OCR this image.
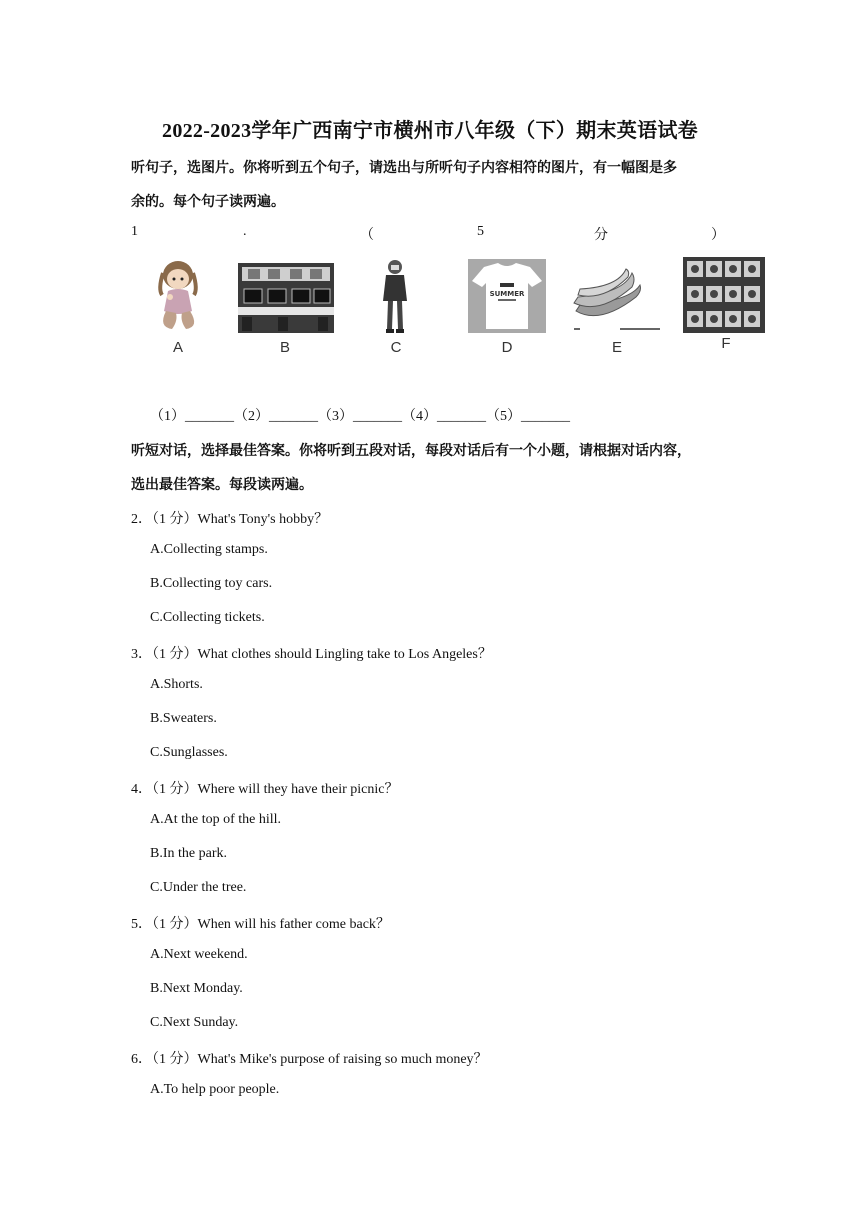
2022-2023学年广西南宁市横州市八年级（下）期末英语试卷
听句子，选图片。你将听到五个句子，请选出与所听句子内容相符的图片，有一幅图是多
余的。每个句子读两遍。
1	.	（	5	分	）
A	B	C
SUMMER
D	E	F
（1）_______（2）_______（3）_______（4）_______（5）_______
听短对话，选择最佳答案。你将听到五段对话，每段对话后有一个小题，请根据对话内容，
选出最佳答案。每段读两遍。
2．（1 分）What's Tony's hobby？
A.Collecting stamps.
B.Collecting toy cars.
C.Collecting tickets.
3．（1 分）What clothes should Lingling take to Los Angeles？
A.Shorts.
B.Sweaters.
C.Sunglasses.
4．（1 分）Where will they have their picnic？
A.At the top of the hill.
B.In the park.
C.Under the tree.
5．（1 分）When will his father come back？
A.Next weekend.
B.Next Monday.
C.Next Sunday.
6．（1 分）What's Mike's purpose of raising so much money？
A.To help poor people.
